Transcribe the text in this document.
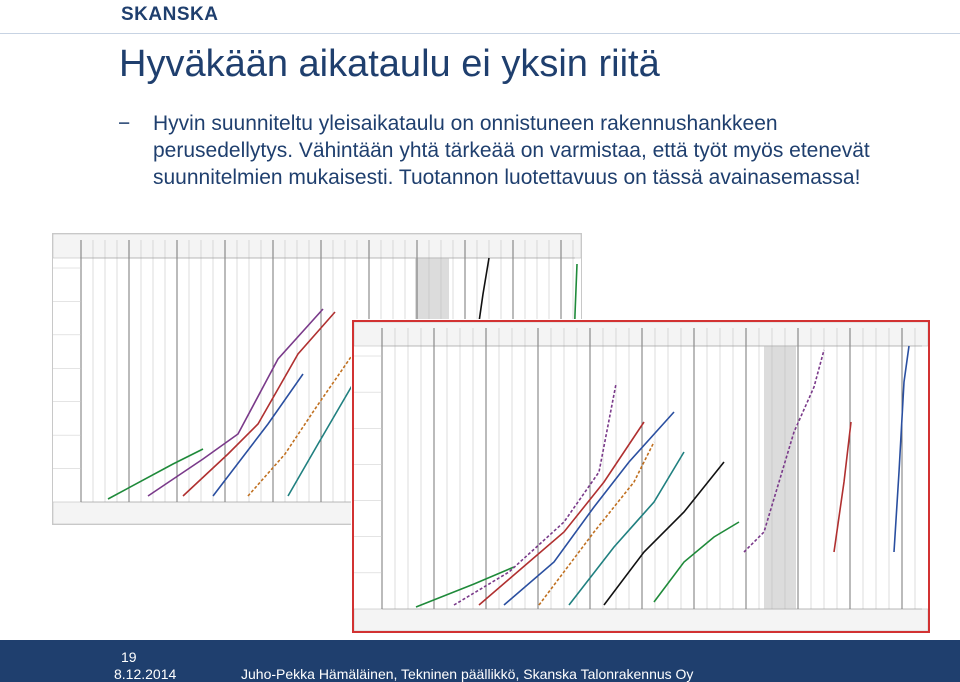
SKANSKA
Hyväkään aikataulu ei yksin riitä
− Hyvin suunniteltu yleisaikataulu on onnistuneen rakennushankkeen perusedellytys. Vähintään yhtä tärkeää on varmistaa, että työt myös etenevät suunnitelmien mukaisesti. Tuotannon luotettavuus on tässä avainasemassa!

19
8.12.2014	Juho-Pekka Hämäläinen, Tekninen päällikkö, Skanska Talonrakennus Oy
